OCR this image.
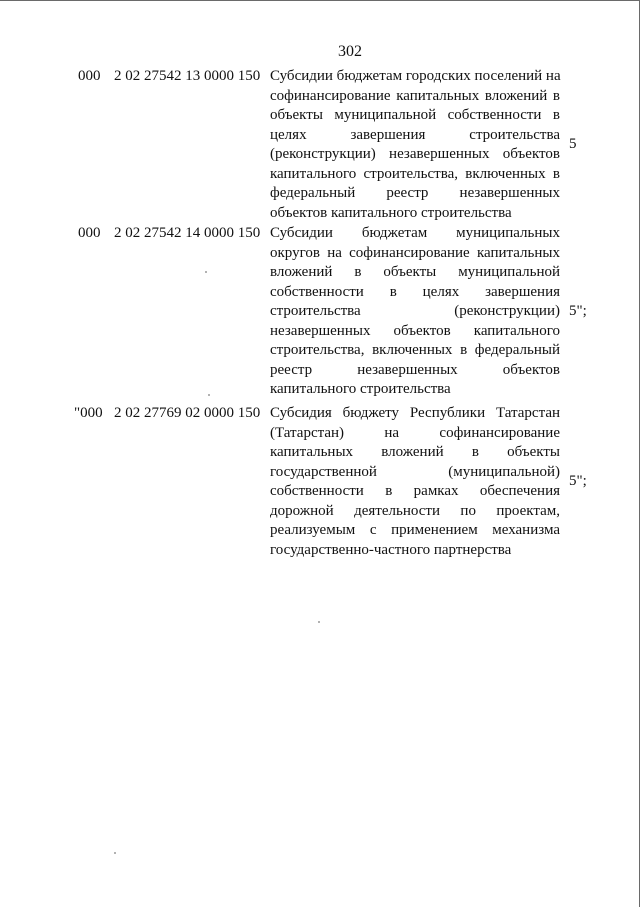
302
000 2 02 27542 13 0000 150 Субсидии бюджетам городских поселений на
софинансирование капитальных вложений в
объекты муниципальной собственности в
целях завершения строительства
(реконструкции) незавершенных объектов
капитального строительства, включенных в
федеральный реестр незавершенных
объектов капитального строительства
5
000 2 02 27542 14 0000 150 Субсидии бюджетам муниципальных
округов на софинансирование капитальных
вложений в объекты муниципальной
собственности в целях завершения
строительства (реконструкции)
незавершенных объектов капитального
строительства, включенных в федеральный
реестр незавершенных объектов
капитального строительства
5";
"000 2 02 27769 02 0000 150 Субсидия бюджету Республики Татарстан
(Татарстан) на софинансирование
капитальных вложений в объекты
государственной (муниципальной)
собственности в рамках обеспечения
дорожной деятельности по проектам,
реализуемым с применением механизма
государственно-частного партнерства
5";
